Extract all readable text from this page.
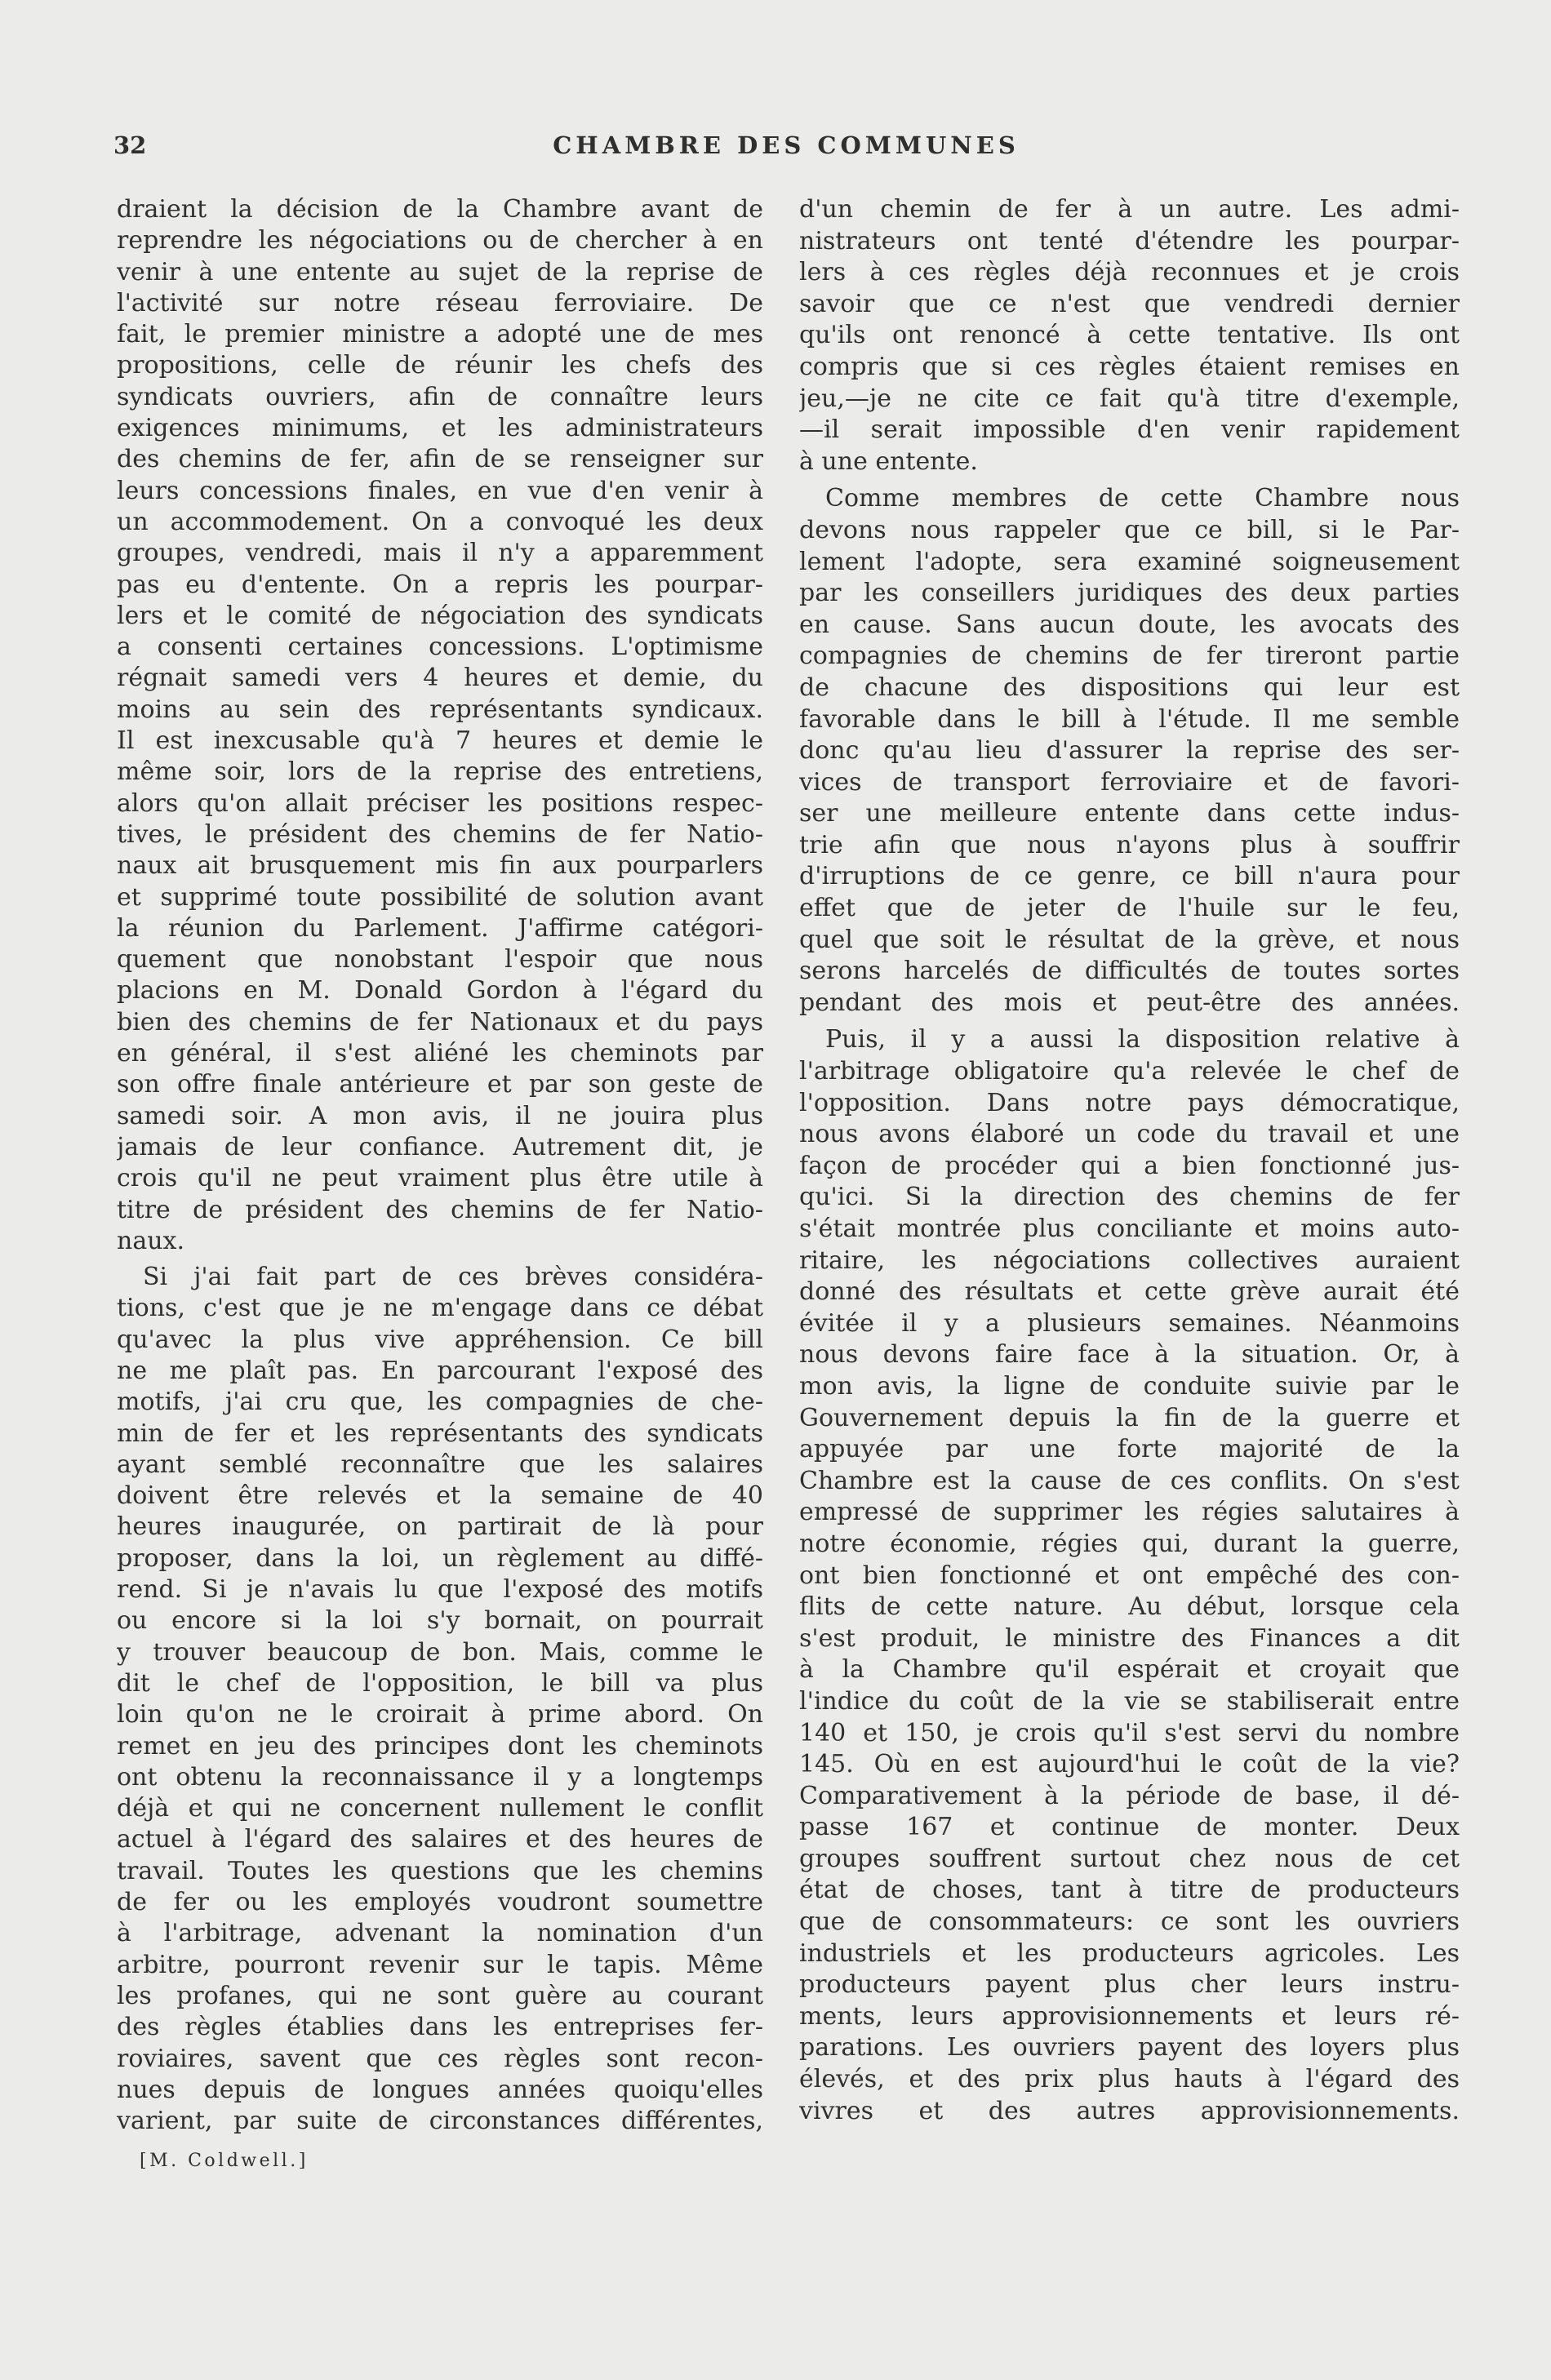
32	CHAMBRE DES COMMUNES
draient la décision de la Chambre avant de
reprendre les négociations ou de chercher à en
venir à une entente au sujet de la reprise de
l'activité sur notre réseau ferroviaire. De
fait, le premier ministre a adopté une de mes
propositions, celle de réunir les chefs des
syndicats ouvriers, afin de connaître leurs
exigences minimums, et les administrateurs
des chemins de fer, afin de se renseigner sur
leurs concessions finales, en vue d'en venir à
un accommodement. On a convoqué les deux
groupes, vendredi, mais il n'y a apparemment
pas eu d'entente. On a repris les pourpar-
lers et le comité de négociation des syndicats
a consenti certaines concessions. L'optimisme
régnait samedi vers 4 heures et demie, du
moins au sein des représentants syndicaux.
Il est inexcusable qu'à 7 heures et demie le
même soir, lors de la reprise des entretiens,
alors qu'on allait préciser les positions respec-
tives, le président des chemins de fer Natio-
naux ait brusquement mis fin aux pourparlers
et supprimé toute possibilité de solution avant
la réunion du Parlement. J'affirme catégori-
quement que nonobstant l'espoir que nous
placions en M. Donald Gordon à l'égard du
bien des chemins de fer Nationaux et du pays
en général, il s'est aliéné les cheminots par
son offre finale antérieure et par son geste de
samedi soir. A mon avis, il ne jouira plus
jamais de leur confiance. Autrement dit, je
crois qu'il ne peut vraiment plus être utile à
titre de président des chemins de fer Natio-
naux.
Si j'ai fait part de ces brèves considéra-
tions, c'est que je ne m'engage dans ce débat
qu'avec la plus vive appréhension. Ce bill
ne me plaît pas. En parcourant l'exposé des
motifs, j'ai cru que, les compagnies de che-
min de fer et les représentants des syndicats
ayant semblé reconnaître que les salaires
doivent être relevés et la semaine de 40
heures inaugurée, on partirait de là pour
proposer, dans la loi, un règlement au diffé-
rend. Si je n'avais lu que l'exposé des motifs
ou encore si la loi s'y bornait, on pourrait
y trouver beaucoup de bon. Mais, comme le
dit le chef de l'opposition, le bill va plus
loin qu'on ne le croirait à prime abord. On
remet en jeu des principes dont les cheminots
ont obtenu la reconnaissance il y a longtemps
déjà et qui ne concernent nullement le conflit
actuel à l'égard des salaires et des heures de
travail. Toutes les questions que les chemins
de fer ou les employés voudront soumettre
à l'arbitrage, advenant la nomination d'un
arbitre, pourront revenir sur le tapis. Même
les profanes, qui ne sont guère au courant
des règles établies dans les entreprises fer-
roviaires, savent que ces règles sont recon-
nues depuis de longues années quoiqu'elles
varient, par suite de circonstances différentes,
d'un chemin de fer à un autre. Les admi-
nistrateurs ont tenté d'étendre les pourpar-
lers à ces règles déjà reconnues et je crois
savoir que ce n'est que vendredi dernier
qu'ils ont renoncé à cette tentative. Ils ont
compris que si ces règles étaient remises en
jeu,—je ne cite ce fait qu'à titre d'exemple,
—il serait impossible d'en venir rapidement
à une entente.
Comme membres de cette Chambre nous
devons nous rappeler que ce bill, si le Par-
lement l'adopte, sera examiné soigneusement
par les conseillers juridiques des deux parties
en cause. Sans aucun doute, les avocats des
compagnies de chemins de fer tireront partie
de chacune des dispositions qui leur est
favorable dans le bill à l'étude. Il me semble
donc qu'au lieu d'assurer la reprise des ser-
vices de transport ferroviaire et de favori-
ser une meilleure entente dans cette indus-
trie afin que nous n'ayons plus à souffrir
d'irruptions de ce genre, ce bill n'aura pour
effet que de jeter de l'huile sur le feu,
quel que soit le résultat de la grève, et nous
serons harcelés de difficultés de toutes sortes
pendant des mois et peut-être des années.
Puis, il y a aussi la disposition relative à
l'arbitrage obligatoire qu'a relevée le chef de
l'opposition. Dans notre pays démocratique,
nous avons élaboré un code du travail et une
façon de procéder qui a bien fonctionné jus-
qu'ici. Si la direction des chemins de fer
s'était montrée plus conciliante et moins auto-
ritaire, les négociations collectives auraient
donné des résultats et cette grève aurait été
évitée il y a plusieurs semaines. Néanmoins
nous devons faire face à la situation. Or, à
mon avis, la ligne de conduite suivie par le
Gouvernement depuis la fin de la guerre et
appuyée par une forte majorité de la
Chambre est la cause de ces conflits. On s'est
empressé de supprimer les régies salutaires à
notre économie, régies qui, durant la guerre,
ont bien fonctionné et ont empêché des con-
flits de cette nature. Au début, lorsque cela
s'est produit, le ministre des Finances a dit
à la Chambre qu'il espérait et croyait que
l'indice du coût de la vie se stabiliserait entre
140 et 150, je crois qu'il s'est servi du nombre
145. Où en est aujourd'hui le coût de la vie?
Comparativement à la période de base, il dé-
passe 167 et continue de monter. Deux
groupes souffrent surtout chez nous de cet
état de choses, tant à titre de producteurs
que de consommateurs: ce sont les ouvriers
industriels et les producteurs agricoles. Les
producteurs payent plus cher leurs instru-
ments, leurs approvisionnements et leurs ré-
parations. Les ouvriers payent des loyers plus
élevés, et des prix plus hauts à l'égard des
vivres et des autres approvisionnements.
[M. Coldwell.]
